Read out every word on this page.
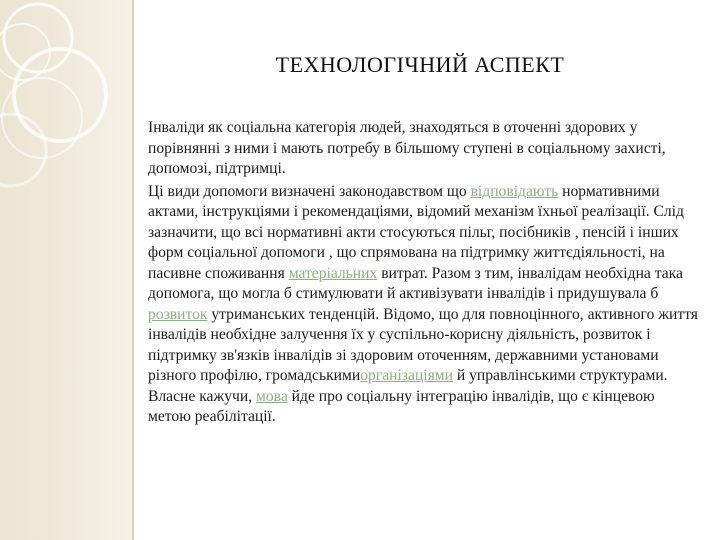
ТЕХНОЛОГІЧНИЙ АСПЕКТ

Інваліди як соціальна категорія людей, знаходяться в оточенні здорових у порівнянні з ними і мають потребу в більшому ступені в соціальному захисті, допомозі, підтримці.

Ці види допомоги визначені законодавством що відповідають нормативними актами, інструкціями і рекомендаціями, відомий механізм їхньої реалізації. Слід зазначити, що всі нормативні акти стосуються пільг, посібників , пенсій і інших форм соціальної допомоги , що спрямована на підтримку життєдіяльності, на пасивне споживання матеріальних витрат. Разом з тим, інвалідам необхідна така допомога, що могла б стимулювати й активізувати інвалідів і придушувала б розвиток утриманських тенденцій. Відомо, що для повноцінного, активного життя інвалідів необхідне залучення їх у суспільно-корисну діяльність, розвиток і підтримку зв'язків інвалідів зі здоровим оточенням, державними установами різного профілю, громадськимиорганізаціями й управлінськими структурами. Власне кажучи, мова йде про соціальну інтеграцію інвалідів, що є кінцевою метою реабілітації.
